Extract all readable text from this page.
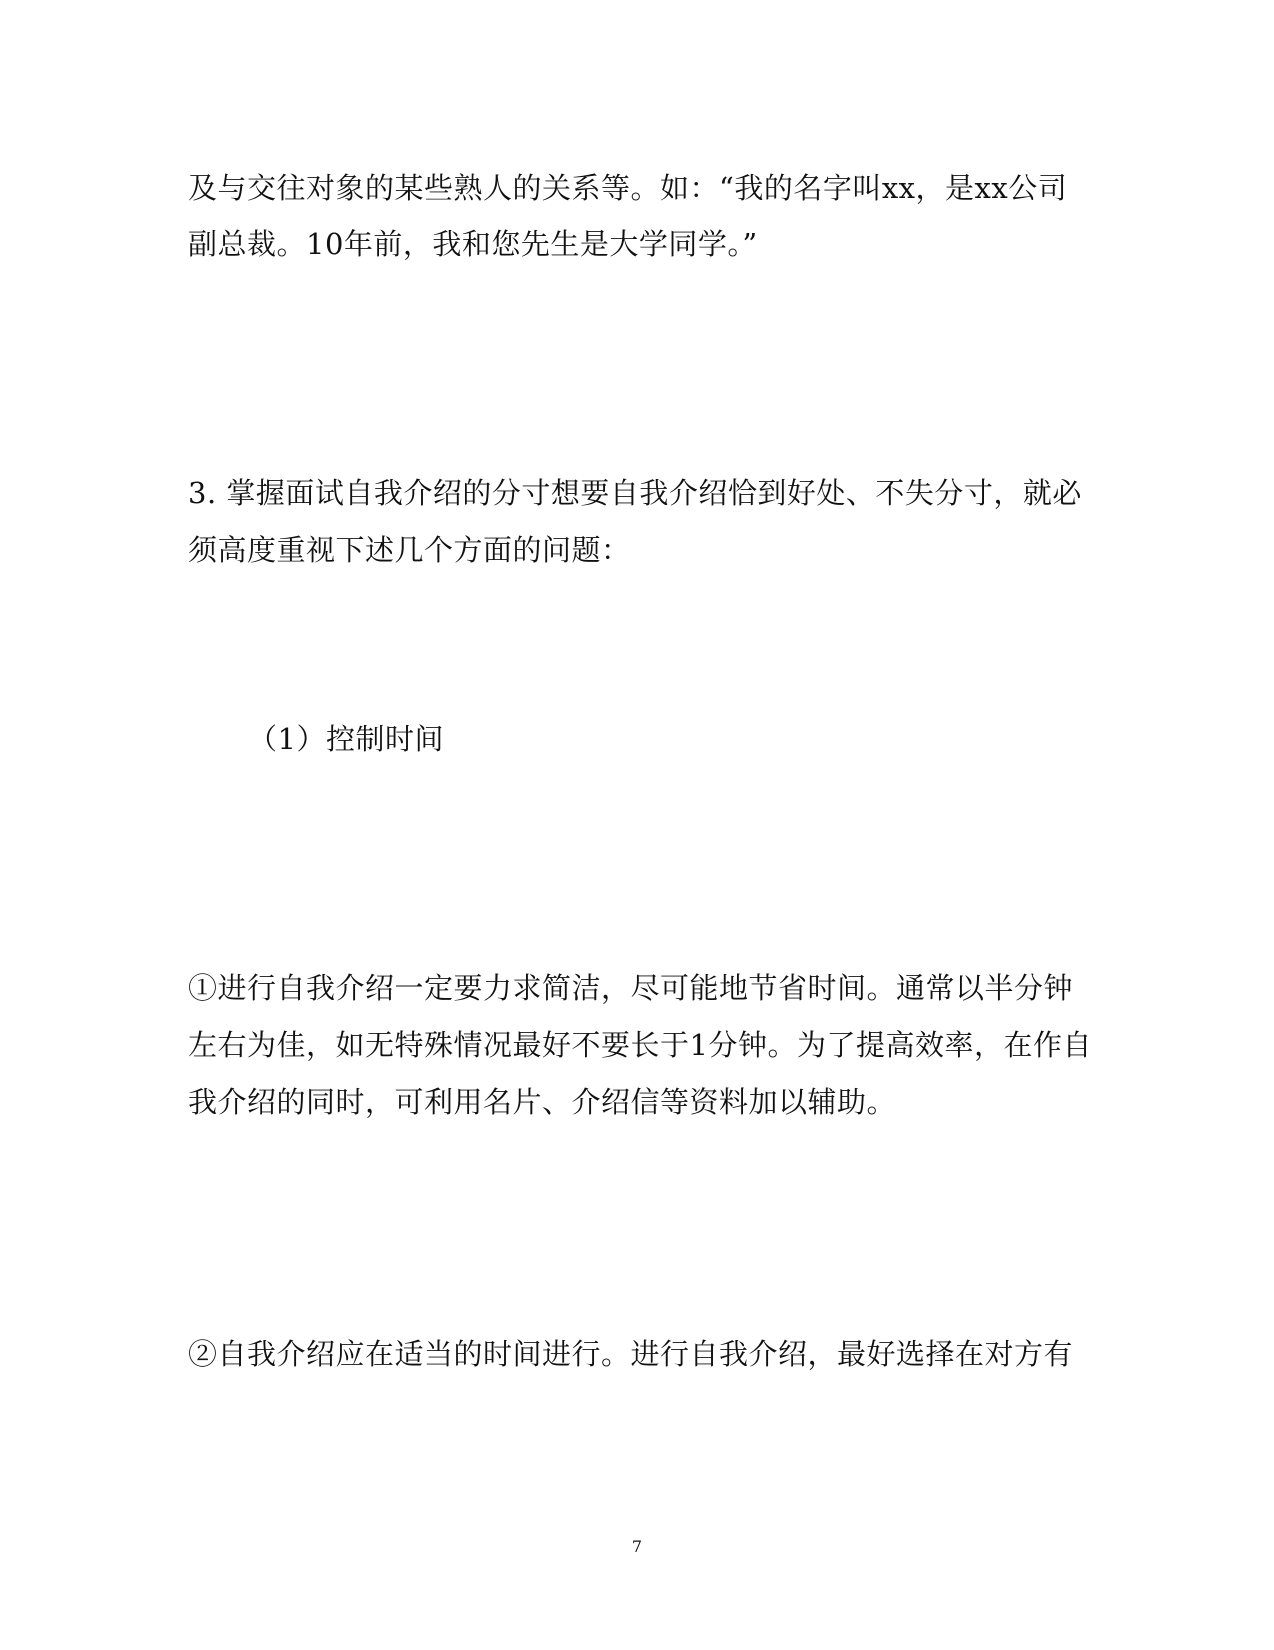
及与交往对象的某些熟人的关系等。如：“我的名字叫xx，是xx公司
副总裁。10年前，我和您先生是大学同学。”
3. 掌握面试自我介绍的分寸想要自我介绍恰到好处、不失分寸，就必
须高度重视下述几个方面的问题：
（1）控制时间
①进行自我介绍一定要力求简洁，尽可能地节省时间。通常以半分钟
左右为佳，如无特殊情况最好不要长于1分钟。为了提高效率，在作自
我介绍的同时，可利用名片、介绍信等资料加以辅助。
②自我介绍应在适当的时间进行。进行自我介绍，最好选择在对方有
7
